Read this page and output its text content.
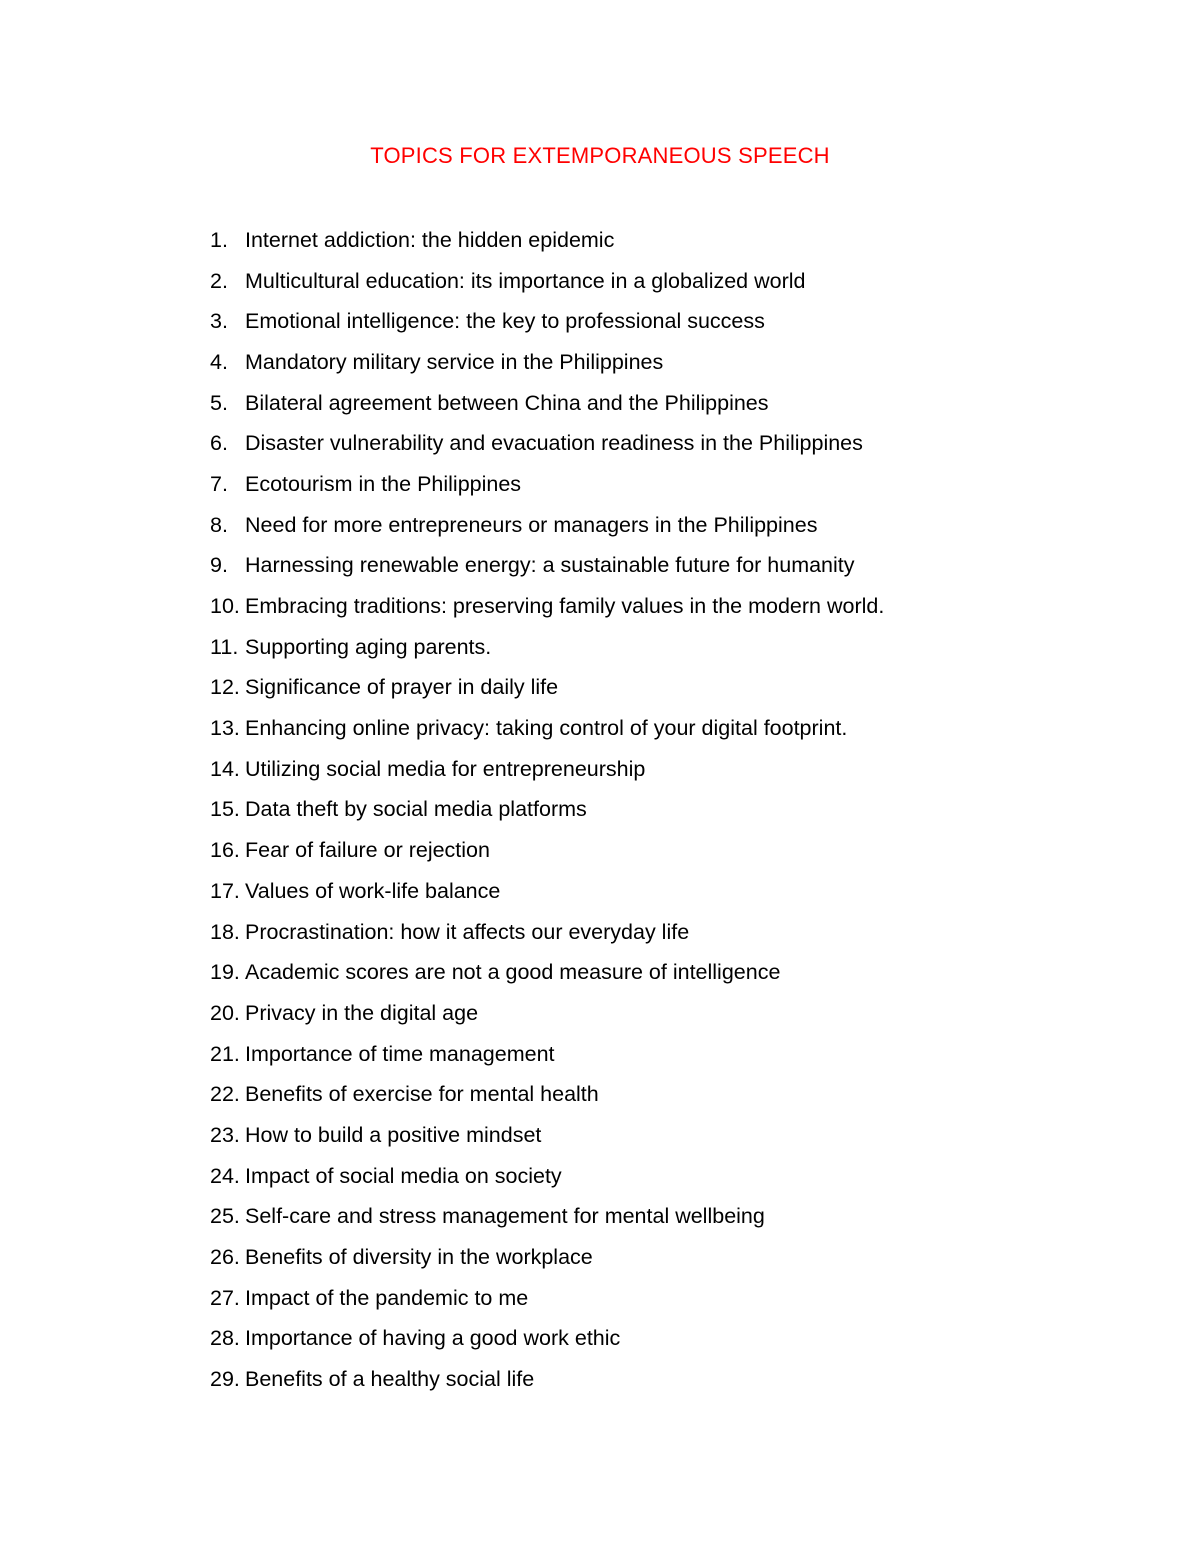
TOPICS FOR EXTEMPORANEOUS SPEECH
1. Internet addiction: the hidden epidemic
2. Multicultural education: its importance in a globalized world
3. Emotional intelligence: the key to professional success
4. Mandatory military service in the Philippines
5. Bilateral agreement between China and the Philippines
6. Disaster vulnerability and evacuation readiness in the Philippines
7. Ecotourism in the Philippines
8. Need for more entrepreneurs or managers in the Philippines
9. Harnessing renewable energy: a sustainable future for humanity
10. Embracing traditions: preserving family values in the modern world.
11. Supporting aging parents.
12. Significance of prayer in daily life
13. Enhancing online privacy: taking control of your digital footprint.
14. Utilizing social media for entrepreneurship
15. Data theft by social media platforms
16. Fear of failure or rejection
17. Values of work-life balance
18. Procrastination: how it affects our everyday life
19. Academic scores are not a good measure of intelligence
20. Privacy in the digital age
21. Importance of time management
22. Benefits of exercise for mental health
23. How to build a positive mindset
24. Impact of social media on society
25. Self-care and stress management for mental wellbeing
26. Benefits of diversity in the workplace
27. Impact of the pandemic to me
28. Importance of having a good work ethic
29. Benefits of a healthy social life
